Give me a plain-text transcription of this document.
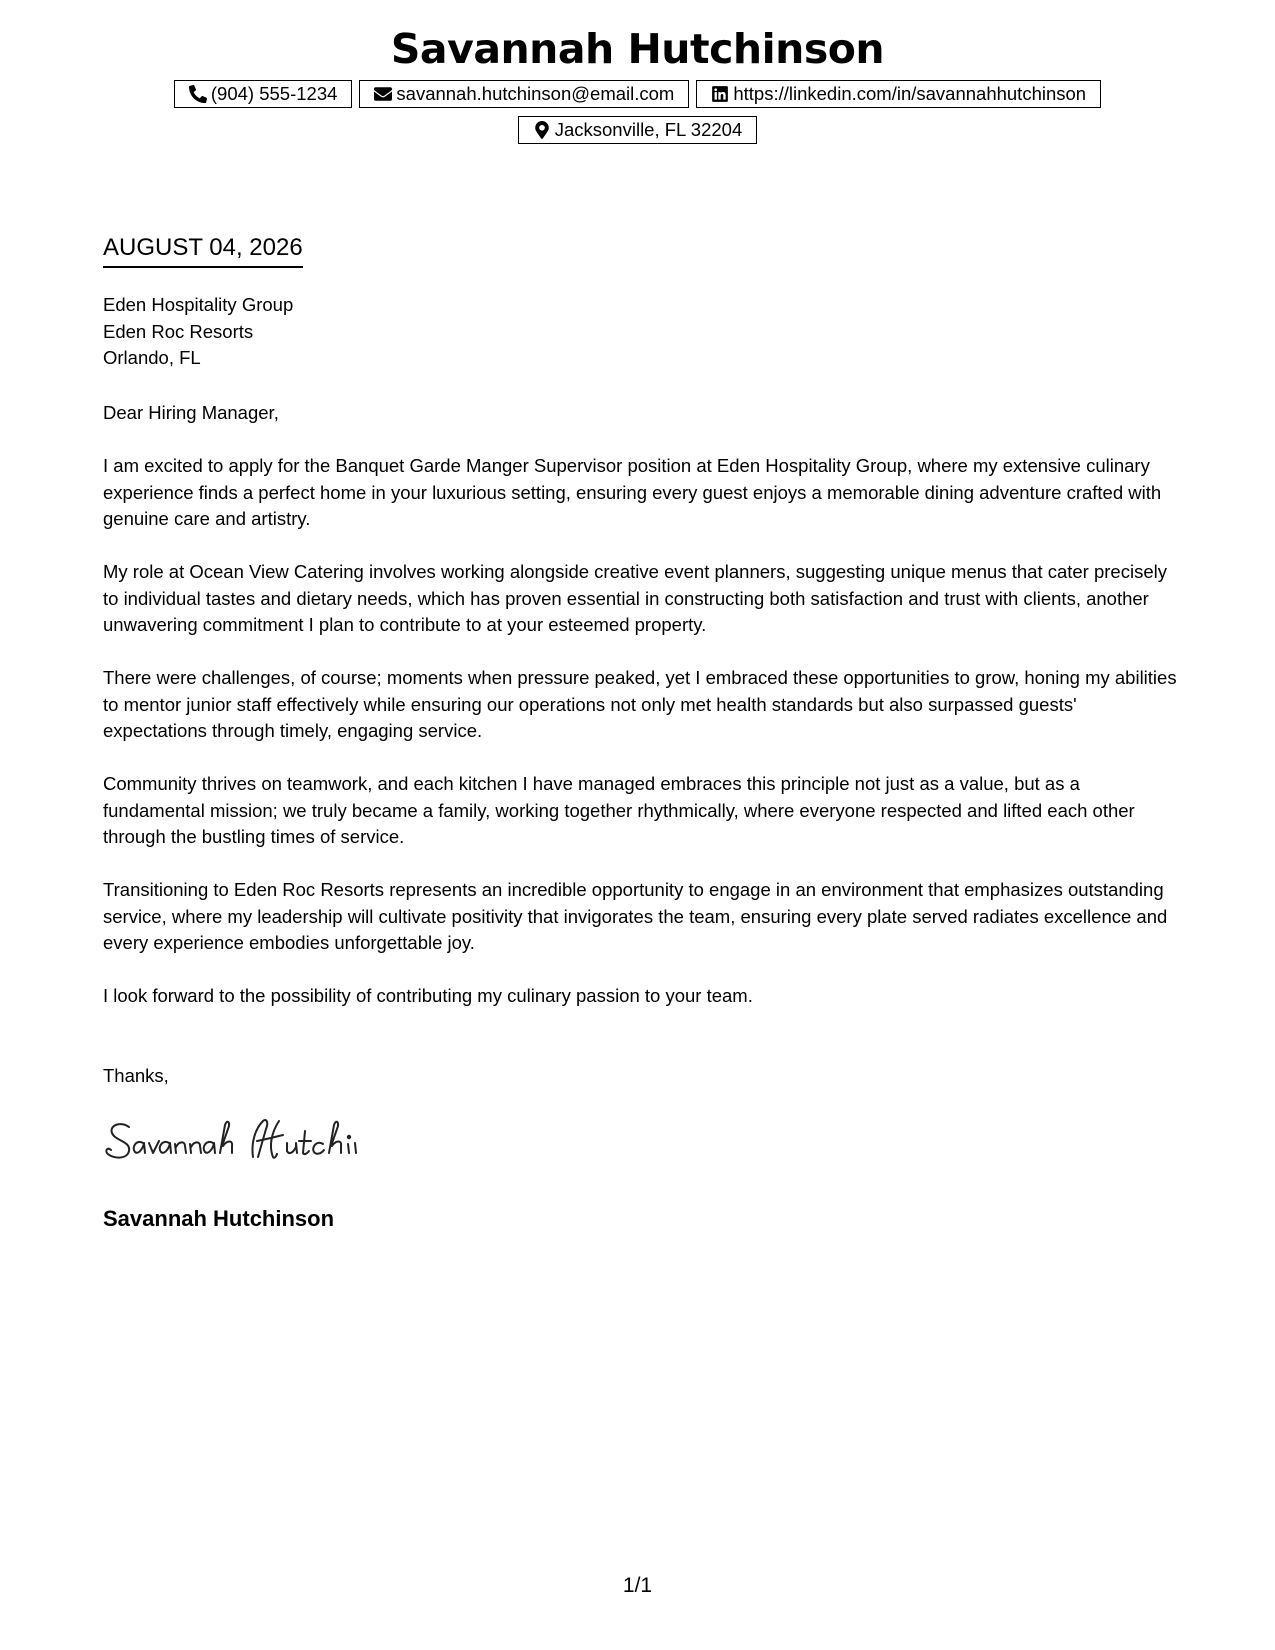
Savannah Hutchinson
(904) 555-1234	savannah.hutchinson@email.com	https://linkedin.com/in/savannahhutchinson
Jacksonville, FL 32204
AUGUST 04, 2026
Eden Hospitality Group
Eden Roc Resorts
Orlando, FL
Dear Hiring Manager,

I am excited to apply for the Banquet Garde Manger Supervisor position at Eden Hospitality Group, where my extensive culinary experience finds a perfect home in your luxurious setting, ensuring every guest enjoys a memorable dining adventure crafted with genuine care and artistry.

My role at Ocean View Catering involves working alongside creative event planners, suggesting unique menus that cater precisely to individual tastes and dietary needs, which has proven essential in constructing both satisfaction and trust with clients, another unwavering commitment I plan to contribute to at your esteemed property.

There were challenges, of course; moments when pressure peaked, yet I embraced these opportunities to grow, honing my abilities to mentor junior staff effectively while ensuring our operations not only met health standards but also surpassed guests' expectations through timely, engaging service.

Community thrives on teamwork, and each kitchen I have managed embraces this principle not just as a value, but as a fundamental mission; we truly became a family, working together rhythmically, where everyone respected and lifted each other through the bustling times of service.

Transitioning to Eden Roc Resorts represents an incredible opportunity to engage in an environment that emphasizes outstanding service, where my leadership will cultivate positivity that invigorates the team, ensuring every plate served radiates excellence and every experience embodies unforgettable joy.

I look forward to the possibility of contributing my culinary passion to your team.

Thanks,
Savannah Hutchinson
1/1
